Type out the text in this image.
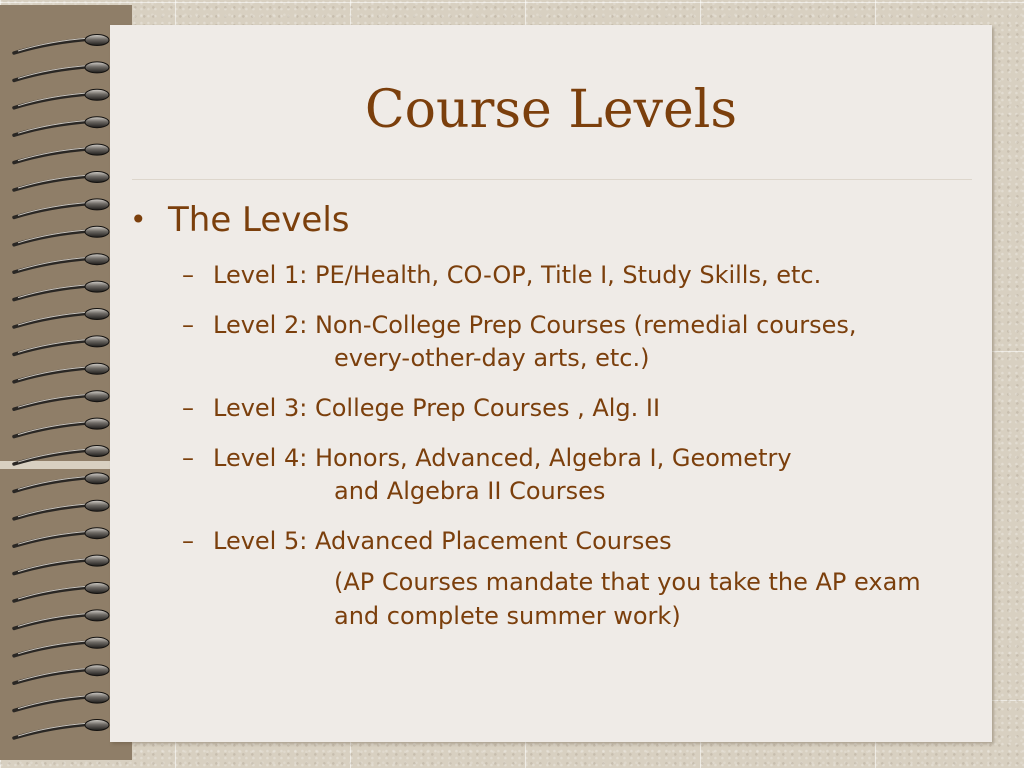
Course Levels
• The Levels
– Level 1: PE/Health, CO-OP, Title I, Study Skills, etc.
– Level 2: Non-College Prep Courses (remedial courses,
every-other-day arts, etc.)
– Level 3: College Prep Courses , Alg. II
– Level 4: Honors, Advanced, Algebra I, Geometry
and Algebra II Courses
– Level 5: Advanced Placement Courses
(AP Courses mandate that you take the AP exam
and complete summer work)
